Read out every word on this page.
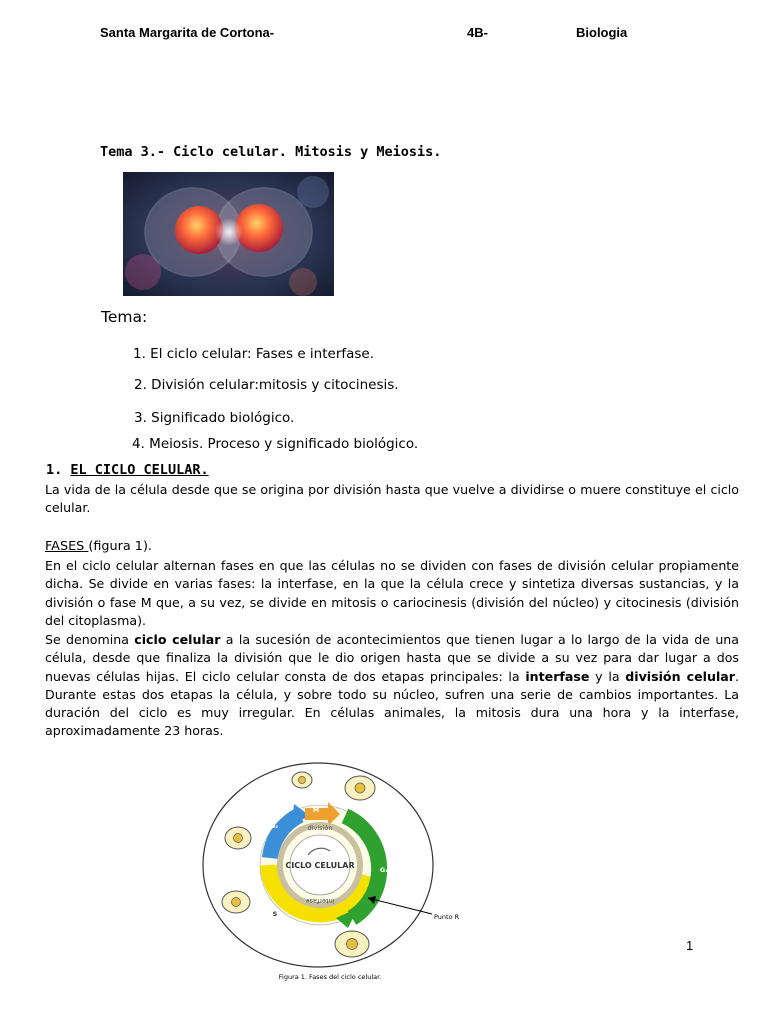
Santa Margarita de Cortona-	4B-	Biologia
Tema 3.- Ciclo celular. Mitosis y Meiosis.
Tema:
1. El ciclo celular: Fases e interfase.
2. División celular:mitosis y citocinesis.
3. Significado biológico.
4. Meiosis. Proceso y significado biológico.
1. EL CICLO CELULAR.
La vida de la célula desde que se origina por división hasta que vuelve a dividirse o muere constituye el ciclo celular.
FASES (figura 1).
En el ciclo celular alternan fases en que las células no se dividen con fases de división celular propiamente dicha. Se divide en varias fases: la interfase, en la que la célula crece y sintetiza diversas sustancias, y la división o fase M que, a su vez, se divide en mitosis o cariocinesis (división del núcleo) y citocinesis (división del citoplasma).
Se denomina ciclo celular a la sucesión de acontecimientos que tienen lugar a lo largo de la vida de una célula, desde que finaliza la división que le dio origen hasta que se divide a su vez para dar lugar a dos nuevas células hijas. El ciclo celular consta de dos etapas principales: la interfase y la división celular. Durante estas dos etapas la célula, y sobre todo su núcleo, sufren una serie de cambios importantes. La duración del ciclo es muy irregular. En células animales, la mitosis dura una hora y la interfase, aproximadamente 23 horas.
CICLO CELULAR
división
interfase
M
G₂
G₁
S	Punto R
Figura 1. Fases del ciclo celular.
1
